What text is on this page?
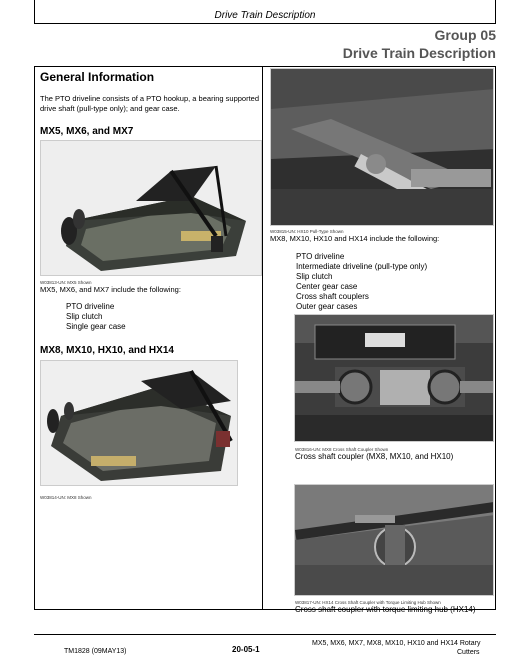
Drive Train Description
Group 05
Drive Train Description
General Information
The PTO driveline consists of a PTO hookup, a bearing supported drive shaft (pull-type only); and gear case.
MX5, MX6, and MX7
W03813-UN: MX5 Shown
MX5, MX6, and MX7 include the following:
PTO driveline
Slip clutch
Single gear case
MX8, MX10, HX10, and HX14
W03814-UN: MX8 Shown
W03815-UN: HX10 Pull-Type Shown
MX8, MX10, HX10 and HX14 include the following:
PTO driveline
Intermediate driveline (pull-type only)
Slip clutch
Center gear case
Cross shaft couplers
Outer gear cases
W03816-UN: MX8 Cross Shaft Coupler Shown
Cross shaft coupler (MX8, MX10, and HX10)
W03817-UN: HX14 Cross Shaft Coupler with Torque Limiting Hub Shown
Cross shaft coupler with torque limiting hub (HX14)
TM1828 (09MAY13)	20-05-1
MX5, MX6, MX7, MX8, MX10, HX10 and HX14 Rotary
Cutters
